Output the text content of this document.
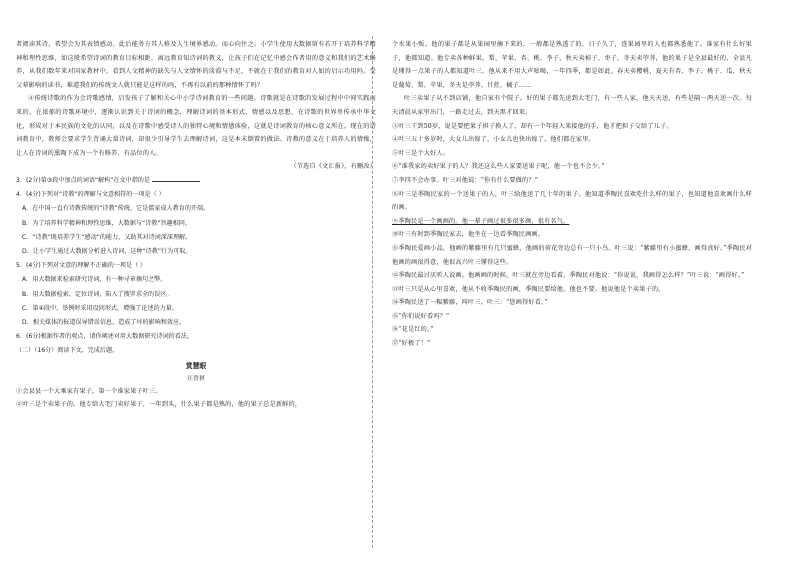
者阅读其诗，希望会为其表情感动。此后能务方其人格及人生境界感动。而心向往之。小学生使用大数据留有若开于培养科学精神和理性思维，如这般希望诗词的教育目标相距，离远教育知诗词的教义，让孩子们在记忆中感会作者用的意义和我们的艺术修养，从我们数年来对国家教材中，看到人文精神的缺失与人文情怀的淡漠与不足，不就在于我们的教育对人如的启示功用吗。受父辈影响的读书，难道我们的传统文人就只能是这样的吗，不再有以前的那种情怀了吗？

④传统诗歌的作为会诗歌感情，启发孩子了解和关心中小学诗词教育的一些问题。诗歌就是在诗歌的发展过程中中间实践而来的，在浓郁的诗歌环境中，逐渐认识到关于诗词的概念，理解诗词的基本形式，情感以及思想，在诗歌的世界里传承中华文化，形成对于本民族的文化的认同，以及在诗歌中感受诗人的独特心境和情感体验，这就是诗词教育的核心意义所在。现在的诗词教育中，教师会要求学生背诵大量诗词，却很少引导学生去理解诗词，这是本末倒置的做法。诗教的意义在于培养人的情操，让人在诗词的熏陶下成为一个有修养、有品位的人。

（节选自《文汇报》，有删改）

3．(2分)第③段中加点的词语“解构”在文中指的是

4．(4分)下列对“诗教”的理解与文意相符的一项是（ ）

A．在中国一直有诗教传统的“诗教”传统，它是儒家成人教育的开端。

B．为了培养科学精神和理性思维，大数据与“诗教”旨趣相同。

C．“诗教”既培养学生“感动”的能力，又助其对诗词深深理解。

D．让小学生通过大数据分析进入诗词，这种“诗教”行为可取。

5．(4分)下列对文意的理解不正确的一项是（ ）

A．用大数据来检索研究诗词，有一种寻章摘句之弊。

B．用大数据检索、定位诗词，陷入了搜罗求全的误区。

C．第④段中，举例时采用设问形式，增强了论述的力量。

D．相关媒体的报道误导错误信息，造成了坏的影响和效应。

6．(6分)根据作者的观点，请你阐述对用大数据研究诗词的看法。

（二）（16分）阅读下文，完成后题。

赏慧眼

汪曾祺

①会县县一个大乘家有果子，第一个谁家果子叶三。

②叶三是个卖果子的。他专给大宅门卖好果子，一年到头，什么果子都是熟的，他的果子总是新鲜的，

个水果小贩。他的果子都是从果园里摘下来的，一般都是熟透了的，日子久了，连果园里的人也都熟悉他了。谁家有什么好果子，他都知道。他专卖各种鲜果，梨、苹果、杏、桃、李子，秋天卖柿子、枣子，冬天卖荸荠，他的果子是全县最好的，全县凡是懂得一点果子的人都知道叶三。他从来不用大声吆喝，一年四季，都是如此。春天卖樱桃，夏天有杏、李子、桃子、瓜，秋天是葡萄、梨、苹果，冬天是荸荠、甘蔗、橘子……

叶三卖果子从不到店铺，他自家有个院子。好的果子都先送到大宅门，有一些人家，他天天送，有些是隔一两天送一次。每天清晨从家里出门，一路走过去，到天黑才回来。

③叶三干到50岁，说是要把果子担子换人了，却有一个年轻人来接他的手，他才把担子交给了儿子。

④叶三五十多岁时，大女儿出嫁了，小女儿也快出嫁了。他们都在家里。

⑤叶三是个大好人。

⑥“谁我家的卖好果子的人？我还这么些人家要送果子呢，他一个也不会少。”

⑦李四不会办事。叶三对他说：“你有什么要做的？”

⑧叶三是季陶民家的一个送果子的人，叶三给他送了几十年的果子。他知道季陶民喜欢吃什么样的果子，也知道他喜欢画什么样的画。

⑨季陶民是一个画画的。他一辈子画过很多很多画，很有名气。

⑩叶三有时到季陶民家去，他坐在一边看季陶民画画。

⑪季陶民爱画小品，他画的紫藤里有几只蜜蜂，他画的荷花旁边总有一只小鸟。叶三说：“紫藤里有小蜜蜂，画得真好。”季陶民对他画的画很得意，他很高兴叶三懂得这些。

⑫季陶民最讨厌听人说画。他画画的时候，叶三就在旁边看着。季陶民对他说：“你说说，我画得怎么样？”叶三说：“画得好。”

⑬叶三只是从心里喜欢，他从不收季陶民的画，季陶民要给他，他也不要。他说他是个卖果子的。

⑭季陶民送了一幅紫藤，叫叶三。叶三：“您画得好看。”

⑮“你们说好看吗？”

⑯“花是红的。”

⑰“好极了！”
